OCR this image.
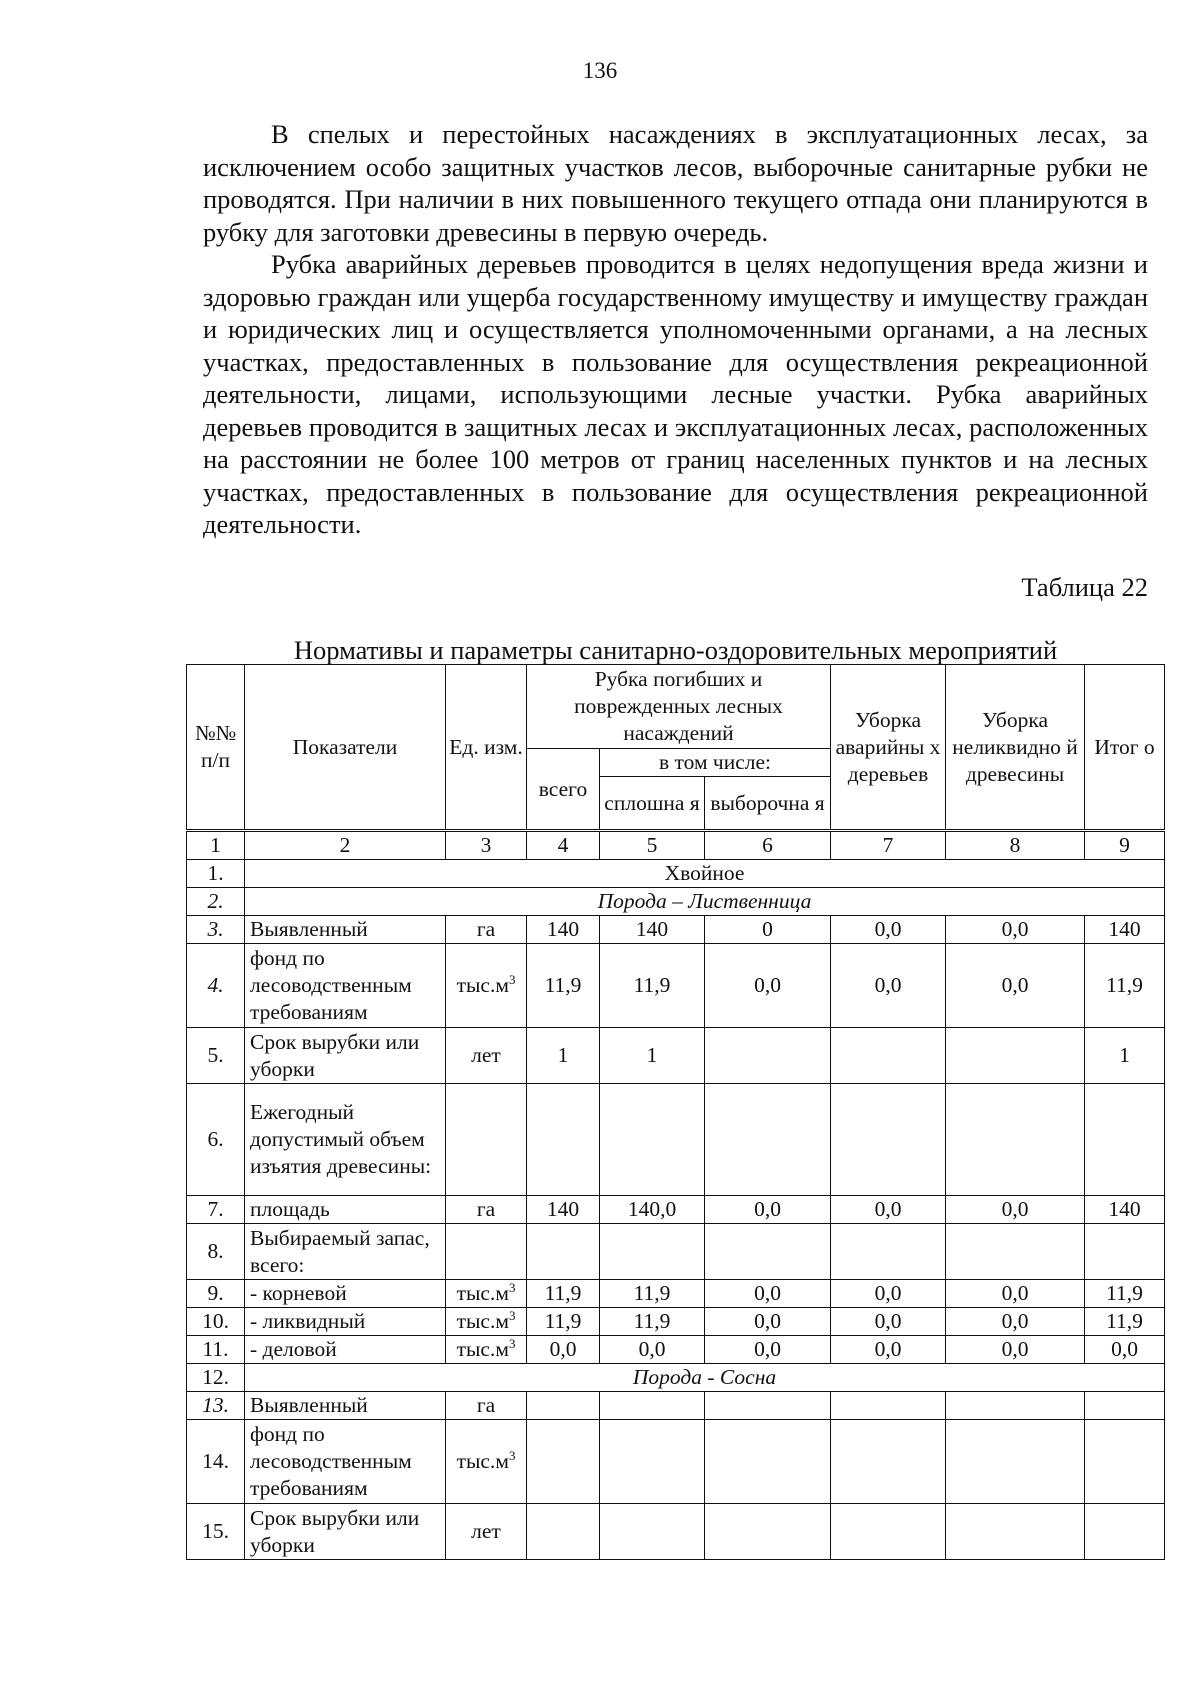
136

В спелых и перестойных насаждениях в эксплуатационных лесах, за исключением особо защитных участков лесов, выборочные санитарные рубки не проводятся. При наличии в них повышенного текущего отпада они планируются в рубку для заготовки древесины в первую очередь.

Рубка аварийных деревьев проводится в целях недопущения вреда жизни и здоровью граждан или ущерба государственному имуществу и имуществу граждан и юридических лиц и осуществляется уполномоченными органами, а на лесных участках, предоставленных в пользование для осуществления рекреационной деятельности, лицами, использующими лесные участки. Рубка аварийных деревьев проводится в защитных лесах и эксплуатационных лесах, расположенных на расстоянии не более 100 метров от границ населенных пунктов и на лесных участках, предоставленных в пользование для осуществления рекреационной деятельности.

Таблица 22
Нормативы и параметры санитарно-оздоровительных мероприятий
№№ п/п	Показатели	Ед. изм.	Рубка погибших и поврежденных лесных насаждений			Уборка аварийны х деревьев	Уборка неликвидно й древесины	Итог о
			всего	в том числе:				
				сплошна я	выборочна я			
1	2	3	4	5	6	7	8	9
1.	Хвойное							
2.	Порода – Лиственница							
3.	Выявленный	га	140	140	0	0,0	0,0	140
4.	фонд по лесоводственным требованиям	$тыс.м^3$	11,9	11,9	0,0	0,0	0,0	11,9
5.	Срок вырубки или уборки	лет	1	1				1
6.	Ежегодный допустимый объем изъятия древесины:							
7.	площадь	га	140	140,0	0,0	0,0	0,0	140
8.	Выбираемый запас, всего:							
9.	- корневой	$тыс.м^3$	11,9	11,9	0,0	0,0	0,0	11,9
10.	- ликвидный	$тыс.м^3$	11,9	11,9	0,0	0,0	0,0	11,9
11.	- деловой	$тыс.м^3$	0,0	0,0	0,0	0,0	0,0	0,0
12.	Порода - Сосна							
13.	Выявленный	га						
14.	фонд по лесоводственным требованиям	$тыс.м^3$						
15.	Срок вырубки или уборки	лет						
